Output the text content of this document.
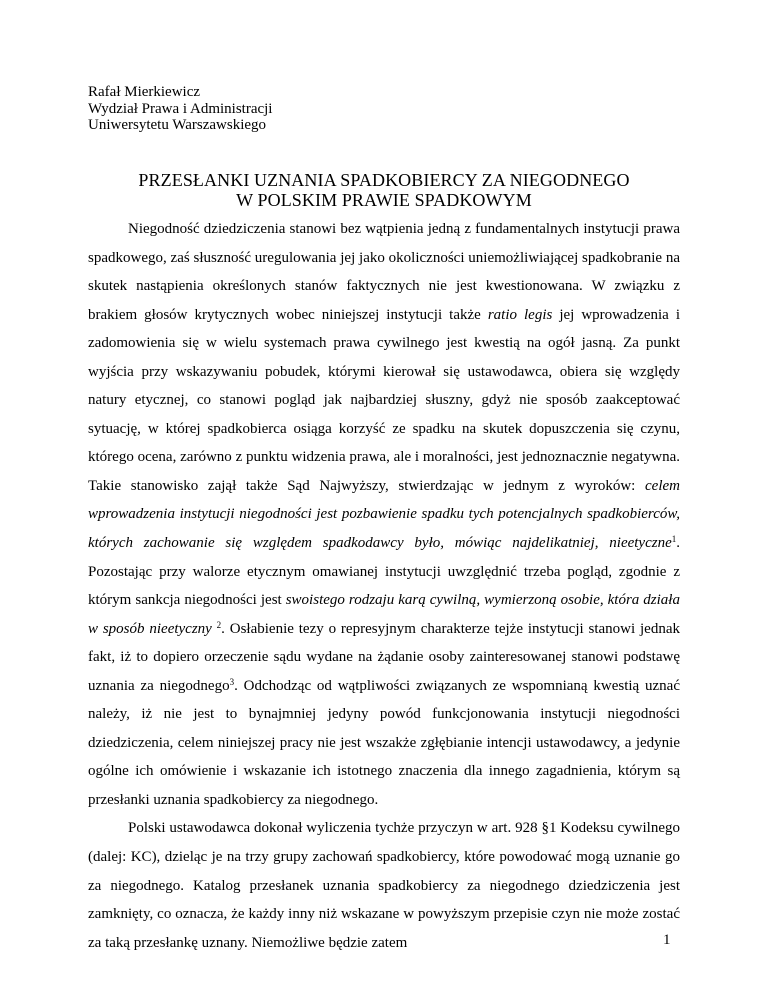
Rafał Mierkiewicz
Wydział Prawa i Administracji
Uniwersytetu Warszawskiego
PRZESŁANKI UZNANIA SPADKOBIERCY ZA NIEGODNEGO
W POLSKIM PRAWIE SPADKOWYM

Niegodność dziedziczenia stanowi bez wątpienia jedną z fundamentalnych instytucji prawa spadkowego, zaś słuszność uregulowania jej jako okoliczności uniemożliwiającej spadkobranie na skutek nastąpienia określonych stanów faktycznych nie jest kwestionowana. W związku z brakiem głosów krytycznych wobec niniejszej instytucji także ratio legis jej wprowadzenia i zadomowienia się w wielu systemach prawa cywilnego jest kwestią na ogół jasną. Za punkt wyjścia przy wskazywaniu pobudek, którymi kierował się ustawodawca, obiera się względy natury etycznej, co stanowi pogląd jak najbardziej słuszny, gdyż nie sposób zaakceptować sytuację, w której spadkobierca osiąga korzyść ze spadku na skutek dopuszczenia się czynu, którego ocena, zarówno z punktu widzenia prawa, ale i moralności, jest jednoznacznie negatywna. Takie stanowisko zajął także Sąd Najwyższy, stwierdzając w jednym z wyroków: celem wprowadzenia instytucji niegodności jest pozbawienie spadku tych potencjalnych spadkobierców, których zachowanie się względem spadkodawcy było, mówiąc najdelikatniej, nieetyczne$^1$. Pozostając przy walorze etycznym omawianej instytucji uwzględnić trzeba pogląd, zgodnie z którym sankcja niegodności jest swoistego rodzaju karą cywilną, wymierzoną osobie, która działa w sposób nieetyczny $^2$. Osłabienie tezy o represyjnym charakterze tejże instytucji stanowi jednak fakt, iż to dopiero orzeczenie sądu wydane na żądanie osoby zainteresowanej stanowi podstawę uznania za niegodnego$^3$. Odchodząc od wątpliwości związanych ze wspomnianą kwestią uznać należy, iż nie jest to bynajmniej jedyny powód funkcjonowania instytucji niegodności dziedziczenia, celem niniejszej pracy nie jest wszakże zgłębianie intencji ustawodawcy, a jedynie ogólne ich omówienie i wskazanie ich istotnego znaczenia dla innego zagadnienia, którym są przesłanki uznania spadkobiercy za niegodnego.

Polski ustawodawca dokonał wyliczenia tychże przyczyn w art. 928 §1 Kodeksu cywilnego (dalej: KC), dzieląc je na trzy grupy zachowań spadkobiercy, które powodować mogą uznanie go za niegodnego. Katalog przesłanek uznania spadkobiercy za niegodnego dziedziczenia jest zamknięty, co oznacza, że każdy inny niż wskazane w powyższym przepisie czyn nie może zostać za taką przesłankę uznany. Niemożliwe będzie zatem	1
